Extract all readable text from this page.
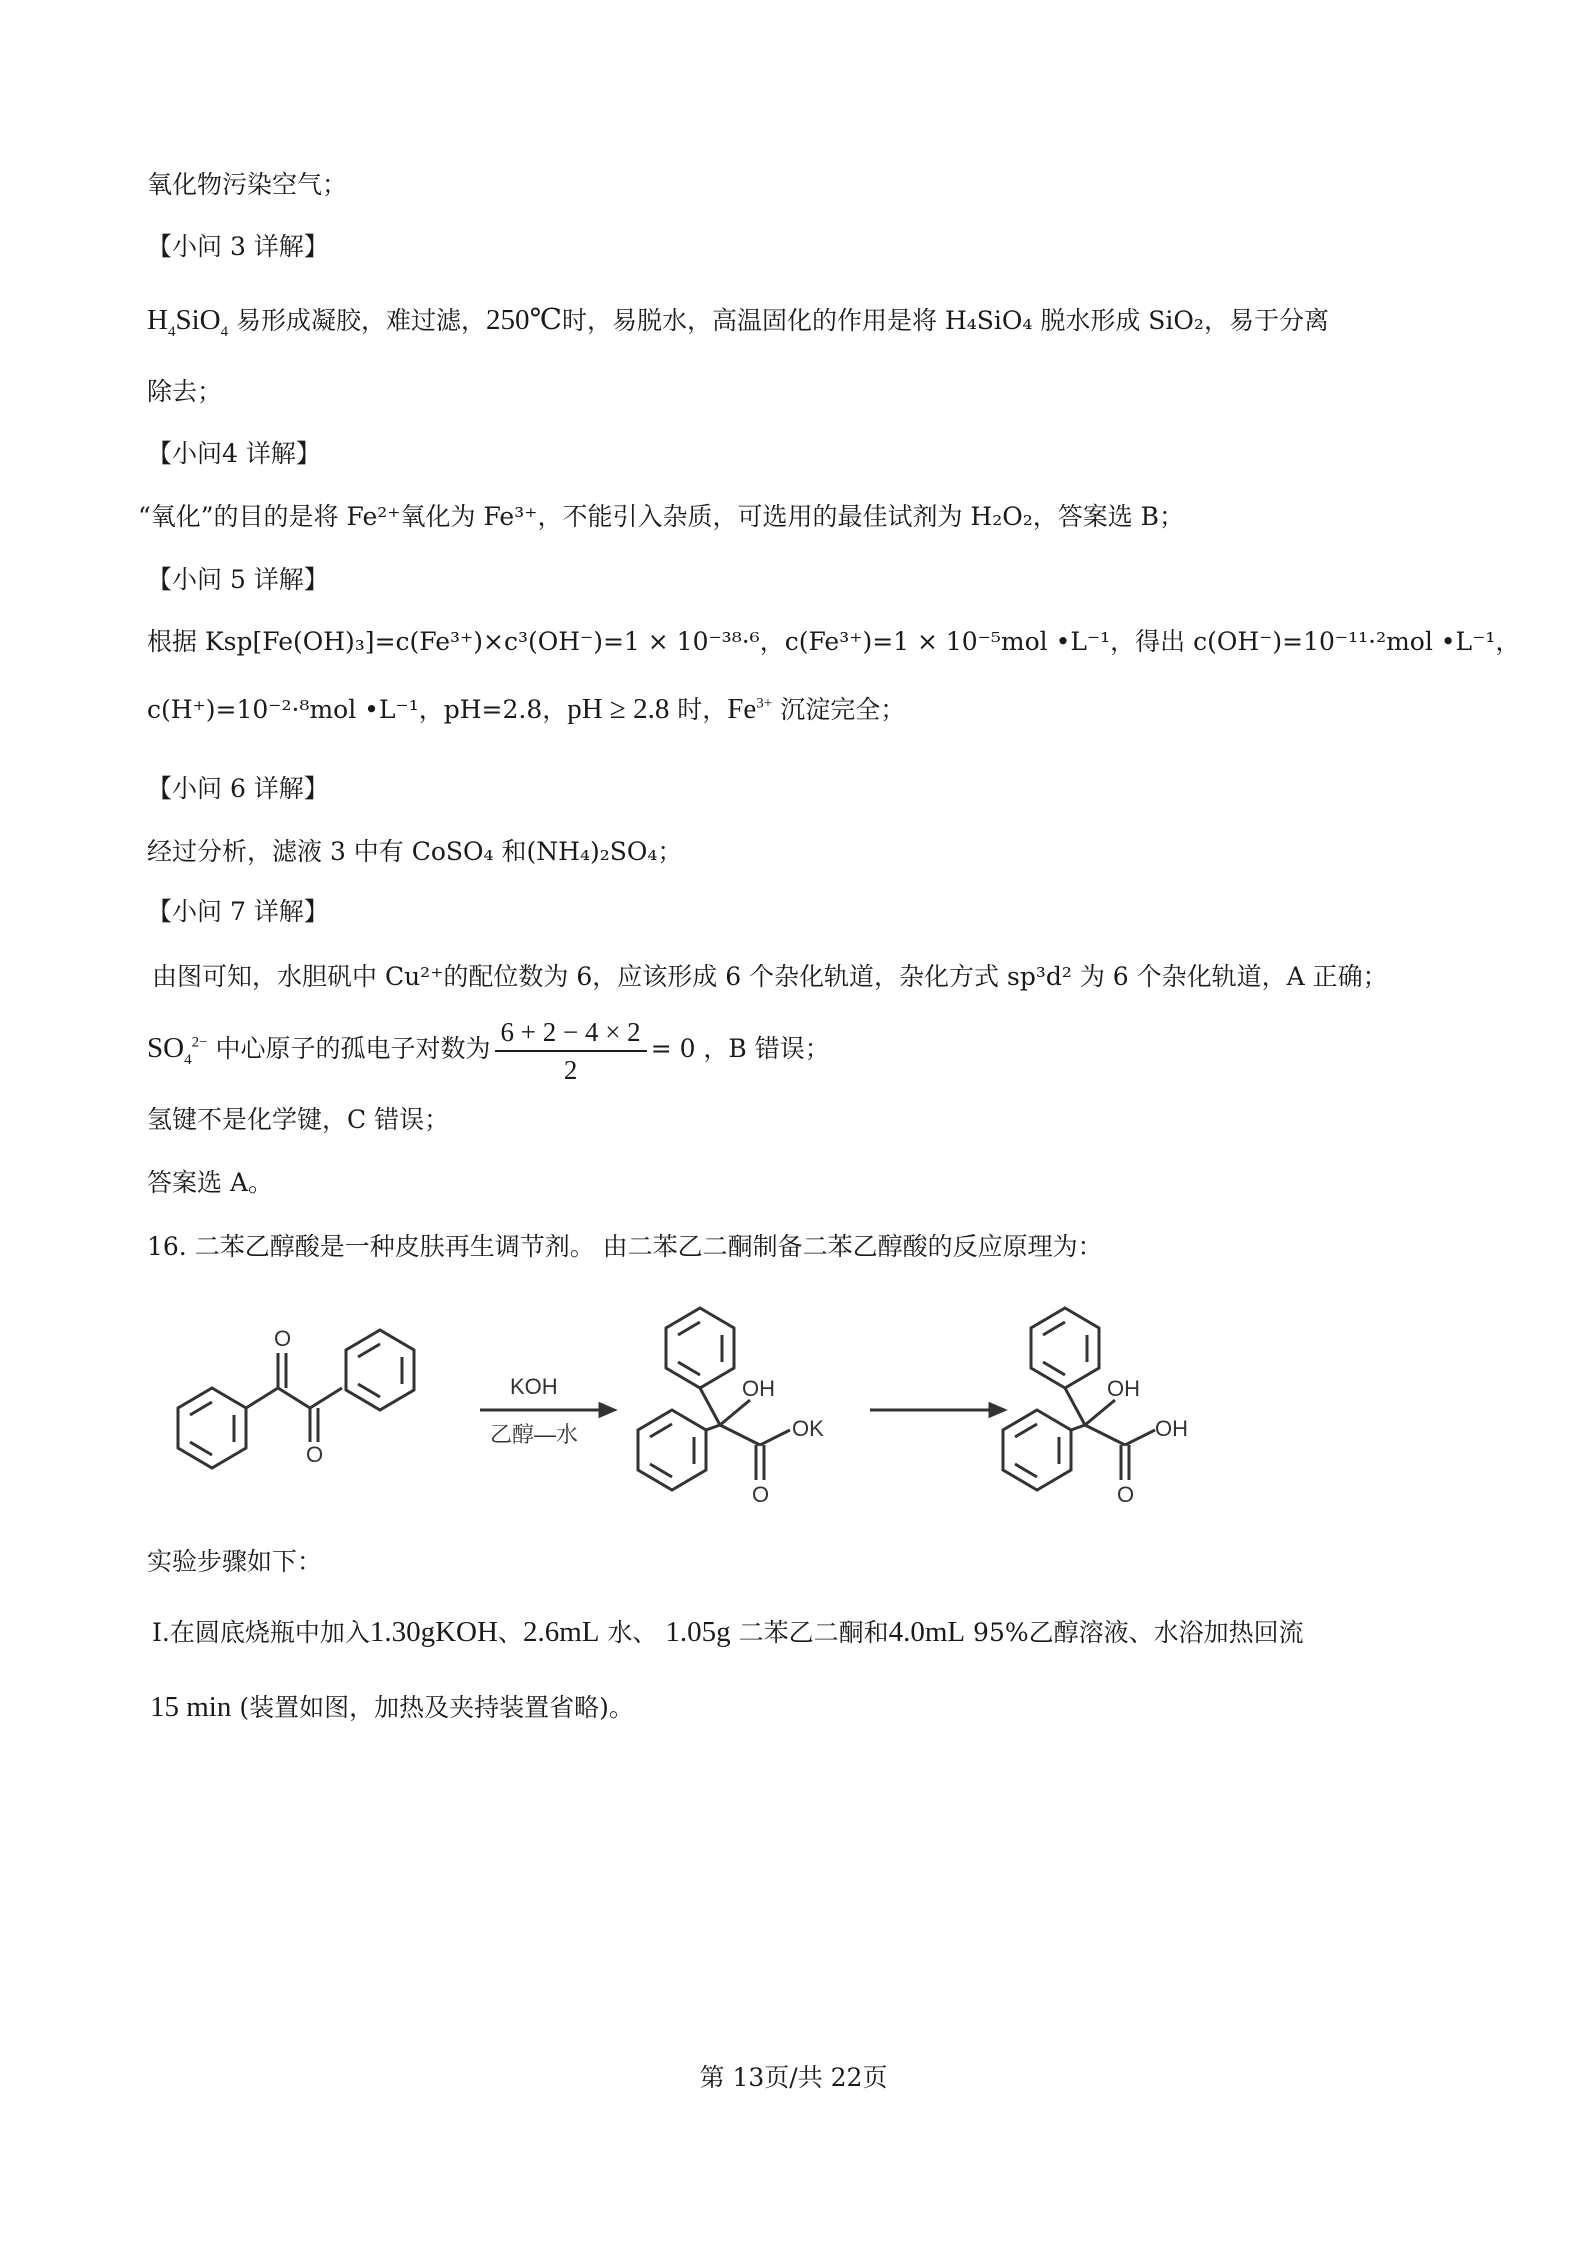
氧化物污染空气；
【小问 3 详解】
$H_4SiO_4$ 易形成凝胶，难过滤，250℃时，易脱水，高温固化的作用是将 H₄SiO₄ 脱水形成 SiO₂，易于分离
除去；
【小问4 详解】
“氧化”的目的是将 Fe²⁺氧化为 Fe³⁺，不能引入杂质，可选用的最佳试剂为 H₂O₂，答案选 B；
【小问 5 详解】
根据 Ksp[Fe(OH)₃]=c(Fe³⁺)×c³(OH⁻)=1 × 10⁻³⁸·⁶，c(Fe³⁺)=1 × 10⁻⁵mol •L⁻¹，得出 c(OH⁻)=10⁻¹¹·²mol •L⁻¹，
c(H⁺)=10⁻²·⁸mol •L⁻¹，pH=2.8，pH ≥ 2.8 时，$Fe^{3+}$ 沉淀完全；
【小问 6 详解】
经过分析，滤液 3 中有 CoSO₄ 和(NH₄)₂SO₄；
【小问 7 详解】
由图可知，水胆矾中 Cu²⁺的配位数为 6，应该形成 6 个杂化轨道，杂化方式 sp³d² 为 6 个杂化轨道，A 正确；
$SO_4^{2-}$ 中心原子的孤电子对数为 $\frac{6 + 2 - 4 \times 2}{2} = 0$ ，B 错误；
氢键不是化学键，C 错误；
答案选 A。
16. 二苯乙醇酸是一种皮肤再生调节剂。 由二苯乙二酮制备二苯乙醇酸的反应原理为：
O
O
KOH
乙醇—水
OH
OK
O
OH
OH
O
实验步骤如下：
Ⅰ.在圆底烧瓶中加入1.30gKOH、2.6mL 水、 1.05g 二苯乙二酮和4.0mL 95%乙醇溶液、水浴加热回流
15 min (装置如图，加热及夹持装置省略)。
第 13页/共 22页
